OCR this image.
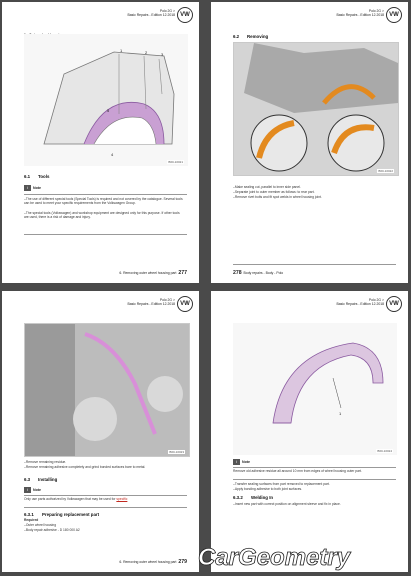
Polo 2G >
Basic Repairs - Edition 12.2018 VW
5
1	2	3
4
B60-10021
6.1 Tools
i	Note
– The use of different special tools (Special Tools) is required and not covered by the catalogue. Several tools can be used to meet your specific requirements from the Volkswagen Group.
– The special tools (Volkswagen) and workshop equipment are designed only for this purpose. If other tools are used, there is a risk of damage and injury.
6. Removing outer wheel housing part 277
Polo 2G >
Basic Repairs - Edition 12.2018 VW
6.2 Removing
B60-10022
– Make sealing cut, parallel to inner side panel.
– Separate joint to outer member as follows: to rear part.
– Remove rivet bolts and fit spot welds in wheel housing joint.
278 Body repairs - Body - Polo
Polo 2G >
Basic Repairs - Edition 12.2018 VW
B60-10023
– Remove remaining residue.
– Remove remaining adhesive completely and grind bonded surfaces bare to metal.
6.3 Installing
i	Note
Only use parts authorized by Volkswagen that may be used for specific
6.3.1 Preparing replacement part
Required
– Outer wheel housing
– Body repair adhesive - D 180 000 A2
6. Removing outer wheel housing part 279
Polo 2G >
Basic Repairs - Edition 12.2018 VW
1
B60-10024
i	Note
Remove old adhesive residue all around 10 mm from edges of wheel housing outer part.
– Transfer sealing surfaces from part removed to replacement part.
– Apply bonding adhesive to both joint surfaces.
6.3.2 Welding In
– Insert new part with correct position on alignment sleeve and fix in place.
CarGeometry
